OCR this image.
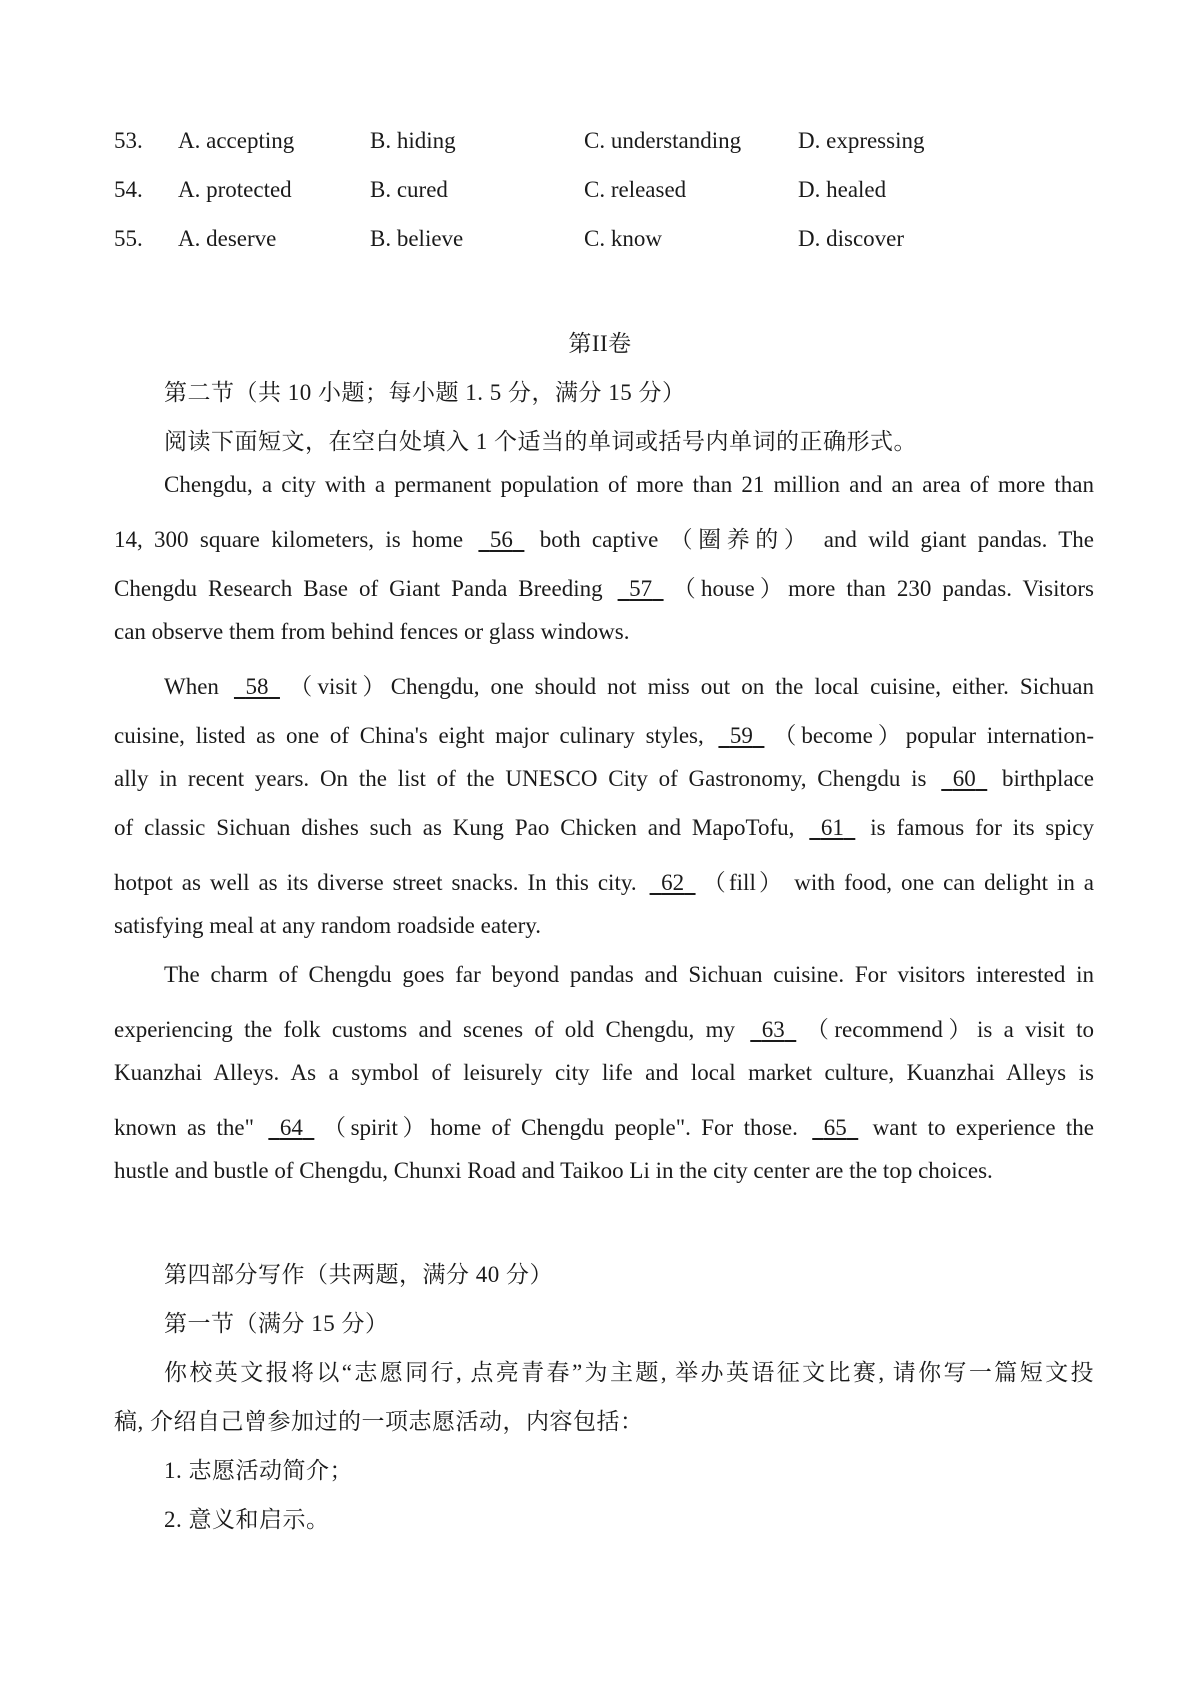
53. A. accepting	B. hiding	C. understanding D. expressing
54. A. protected	B. cured	C. released	D. healed
55. A. deserve	B. believe	C. know	D. discover
第II卷
第二节（共 10 小题；每小题 1. 5 分，满分 15 分）
阅读下面短文，在空白处填入 1 个适当的单词或括号内单词的正确形式。
Chengdu, a city with a permanent population of more than 21 million and an area of more than
14, 300 square kilometers, is home 56 both captive （圈养的） and wild giant pandas. The
Chengdu Research Base of Giant Panda Breeding 57 （house）more than 230 pandas. Visitors
can observe them from behind fences or glass windows.
When 58 （visit）Chengdu, one should not miss out on the local cuisine, either. Sichuan
cuisine, listed as one of China's eight major culinary styles, 59 （become）popular internation-
ally in recent years. On the list of the UNESCO City of Gastronomy, Chengdu is 60 birthplace
of classic Sichuan dishes such as Kung Pao Chicken and MapoTofu, 61 is famous for its spicy
hotpot as well as its diverse street snacks. In this city. 62 （fill） with food, one can delight in a
satisfying meal at any random roadside eatery.
The charm of Chengdu goes far beyond pandas and Sichuan cuisine. For visitors interested in
experiencing the folk customs and scenes of old Chengdu, my 63 （recommend）is a visit to
Kuanzhai Alleys. As a symbol of leisurely city life and local market culture, Kuanzhai Alleys is
known as the" 64 （spirit）home of Chengdu people". For those. 65 want to experience the
hustle and bustle of Chengdu, Chunxi Road and Taikoo Li in the city center are the top choices.
第四部分写作（共两题，满分 40 分）
第一节（满分 15 分）
你校英文报将以“志愿同行, 点亮青春”为主题, 举办英语征文比赛, 请你写一篇短文投
稿, 介绍自己曾参加过的一项志愿活动，内容包括：
1. 志愿活动简介；
2. 意义和启示。
